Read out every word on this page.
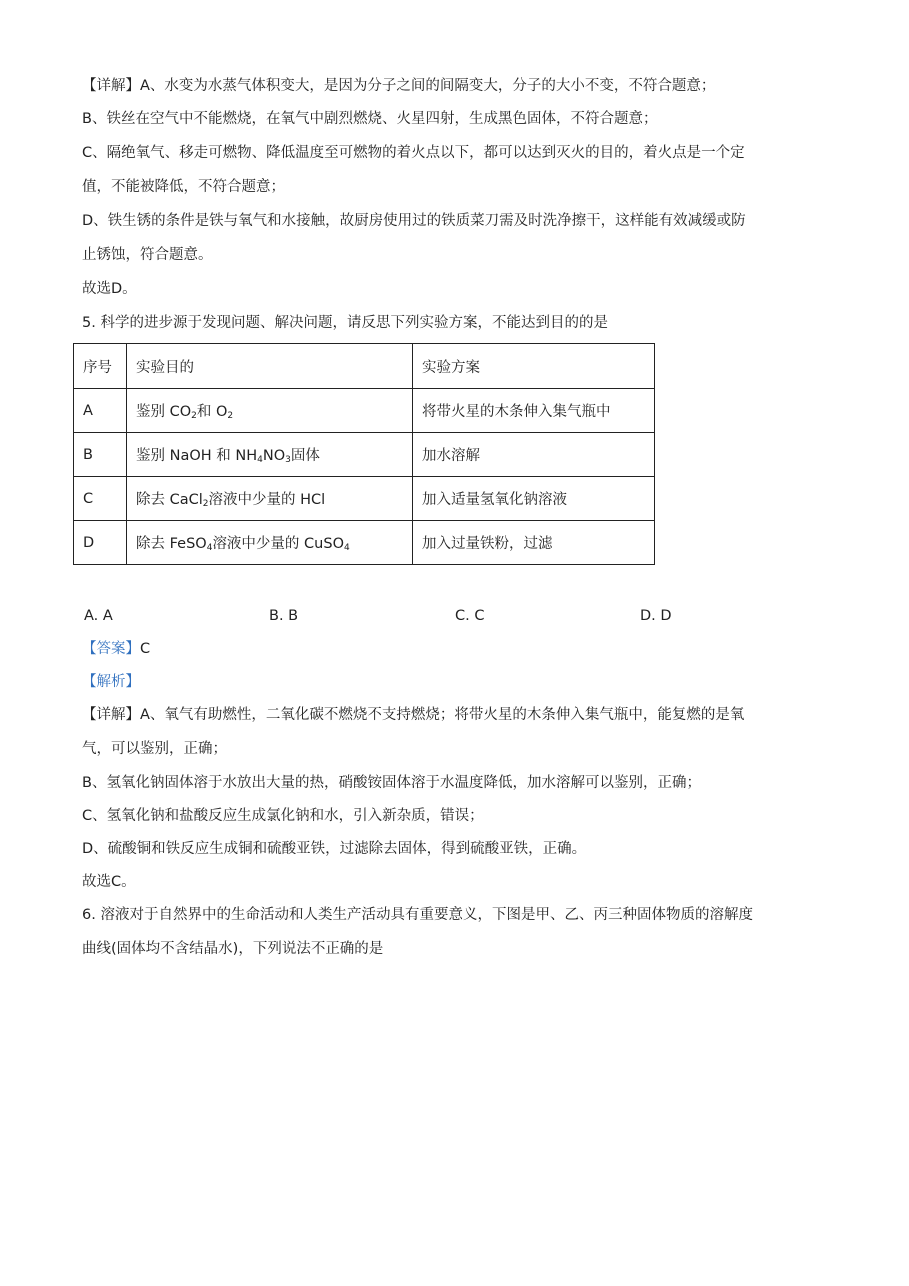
【详解】A、水变为水蒸气体积变大，是因为分子之间的间隔变大，分子的大小不变，不符合题意；
B、铁丝在空气中不能燃烧，在氧气中剧烈燃烧、火星四射，生成黑色固体，不符合题意；
C、隔绝氧气、移走可燃物、降低温度至可燃物的着火点以下，都可以达到灭火的目的，着火点是一个定
值，不能被降低，不符合题意；
D、铁生锈的条件是铁与氧气和水接触，故厨房使用过的铁质菜刀需及时洗净擦干，这样能有效减缓或防
止锈蚀，符合题意。
故选D。
5. 科学的进步源于发现问题、解决问题，请反思下列实验方案，不能达到目的的是
序号	实验目的	实验方案
A	鉴别 $CO_2$和 $O_2$	将带火星的木条伸入集气瓶中
B	鉴别 NaOH 和 $NH_4NO_3$固体	加水溶解
C	除去 CaCl$_2$溶液中少量的 HCl	加入适量氢氧化钠溶液
D	除去 FeSO$_4$溶液中少量的 CuSO$_4$	加入过量铁粉，过滤
A. A	B. B	C. C	D. D
【答案】C
【解析】
【详解】A、氧气有助燃性，二氧化碳不燃烧不支持燃烧；将带火星的木条伸入集气瓶中，能复燃的是氧
气，可以鉴别，正确；
B、氢氧化钠固体溶于水放出大量的热，硝酸铵固体溶于水温度降低，加水溶解可以鉴别，正确；
C、氢氧化钠和盐酸反应生成氯化钠和水，引入新杂质，错误；
D、硫酸铜和铁反应生成铜和硫酸亚铁，过滤除去固体，得到硫酸亚铁，正确。
故选C。
6. 溶液对于自然界中的生命活动和人类生产活动具有重要意义，下图是甲、乙、丙三种固体物质的溶解度
曲线(固体均不含结晶水)，下列说法不正确的是
